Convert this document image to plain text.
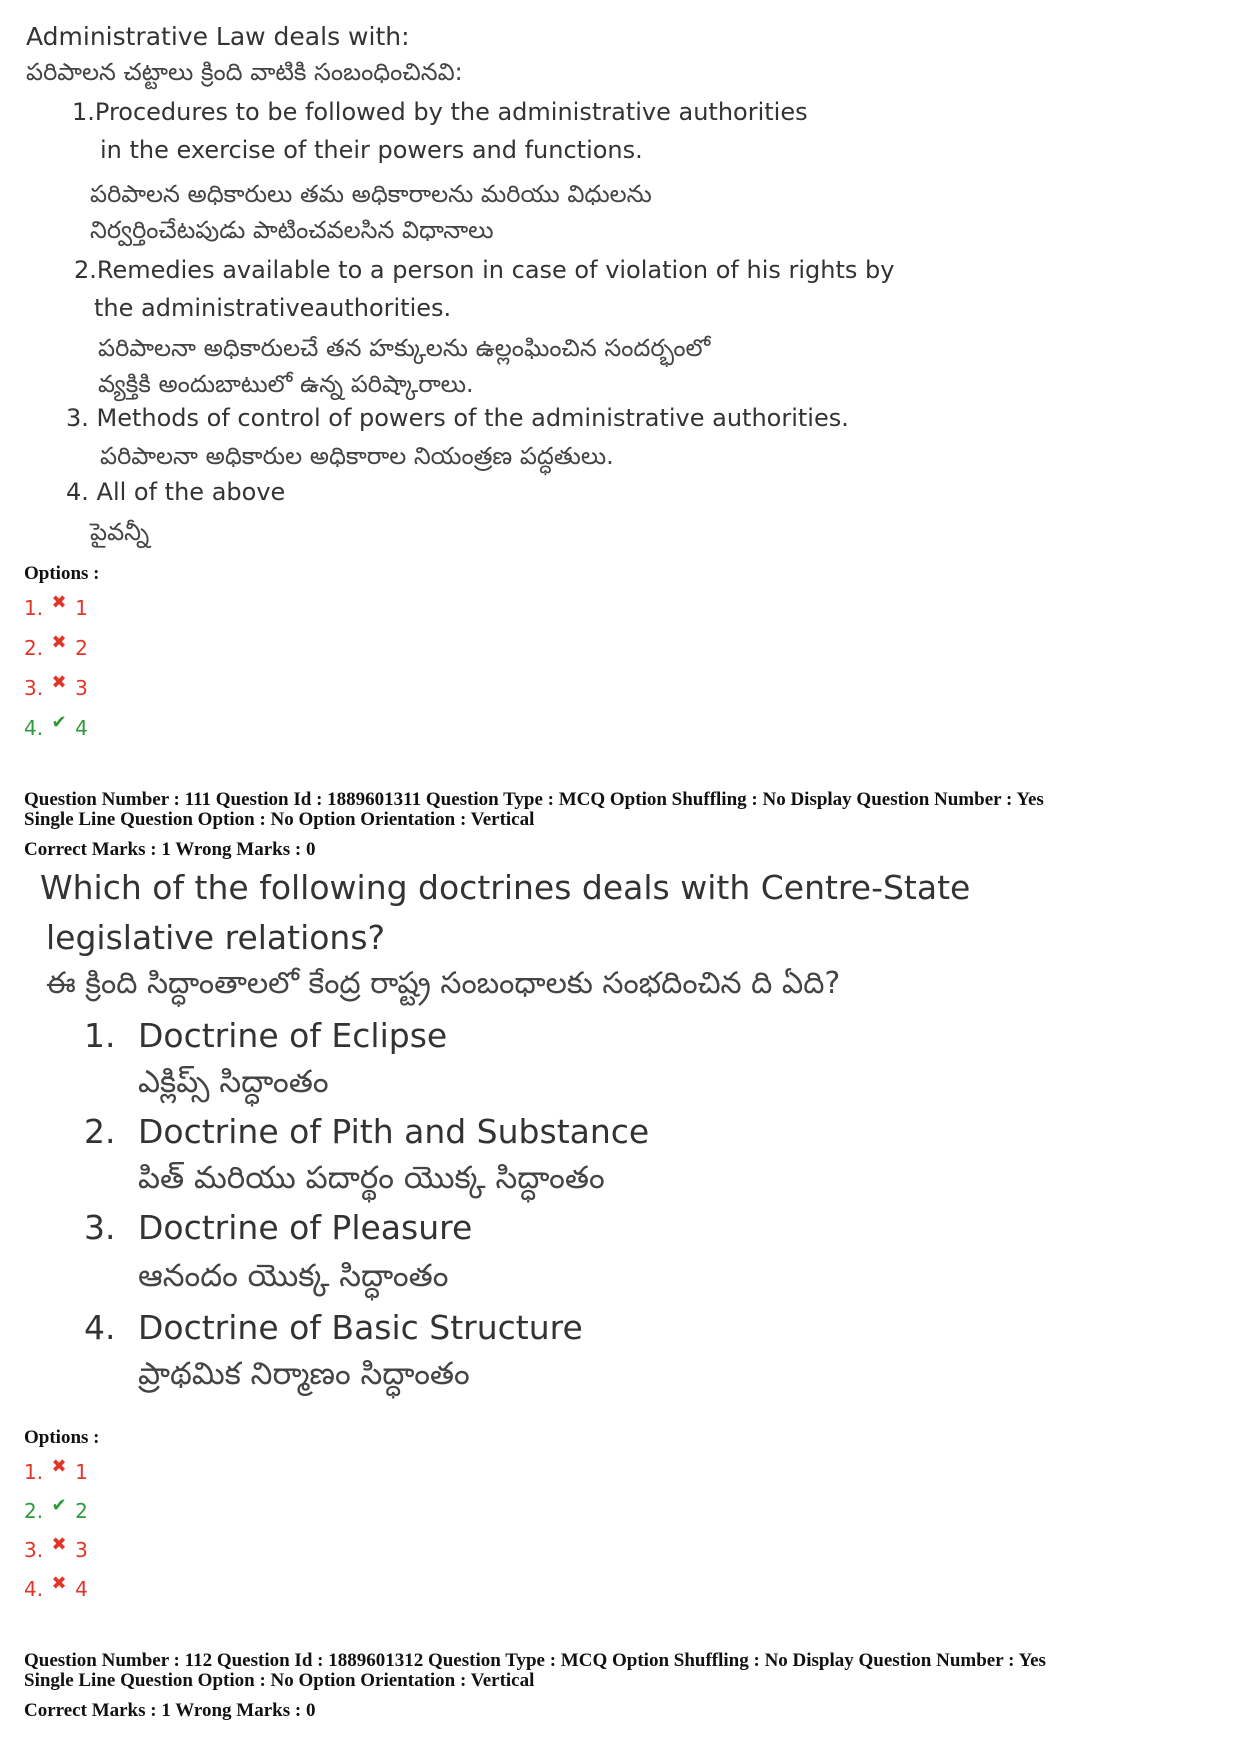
Administrative Law deals with:
పరిపాలన చట్టాలు క్రింది వాటికి సంబంధించినవి:
1.Procedures to be followed by the administrative authorities
in the exercise of their powers and functions.
పరిపాలన అధికారులు తమ అధికారాలను మరియు విధులను
నిర్వర్తించేటపుడు పాటించవలసిన విధానాలు
2.Remedies available to a person in case of violation of his rights by
the administrativeauthorities.
పరిపాలనా అధికారులచే తన హక్కులను ఉల్లంఘించిన సందర్భంలో
వ్యక్తికి అందుబాటులో ఉన్న పరిష్కారాలు.
3. Methods of control of powers of the administrative authorities.
పరిపాలనా అధికారుల అధికారాల నియంత్రణ పద్ధతులు.
4. All of the above
పైవన్నీ
Options :
1. ✖ 1
2. ✖ 2
3. ✖ 3
4. ✔ 4
Question Number : 111 Question Id : 1889601311 Question Type : MCQ Option Shuffling : No Display Question Number : Yes
Single Line Question Option : No Option Orientation : Vertical
Correct Marks : 1 Wrong Marks : 0
Which of the following doctrines deals with Centre-State
legislative relations?
ఈ క్రింది సిద్ధాంతాలలో కేంద్ర రాష్ట్ర సంబంధాలకు సంభదించిన ది ఏది?
1. Doctrine of Eclipse
ఎక్లిప్స్ సిద్ధాంతం
2. Doctrine of Pith and Substance
పిత్ మరియు పదార్థం యొక్క సిద్ధాంతం
3. Doctrine of Pleasure
ఆనందం యొక్క సిద్ధాంతం
4. Doctrine of Basic Structure
ప్రాథమిక నిర్మాణం సిద్ధాంతం
Options :
1. ✖ 1
2. ✔ 2
3. ✖ 3
4. ✖ 4
Question Number : 112 Question Id : 1889601312 Question Type : MCQ Option Shuffling : No Display Question Number : Yes
Single Line Question Option : No Option Orientation : Vertical
Correct Marks : 1 Wrong Marks : 0
